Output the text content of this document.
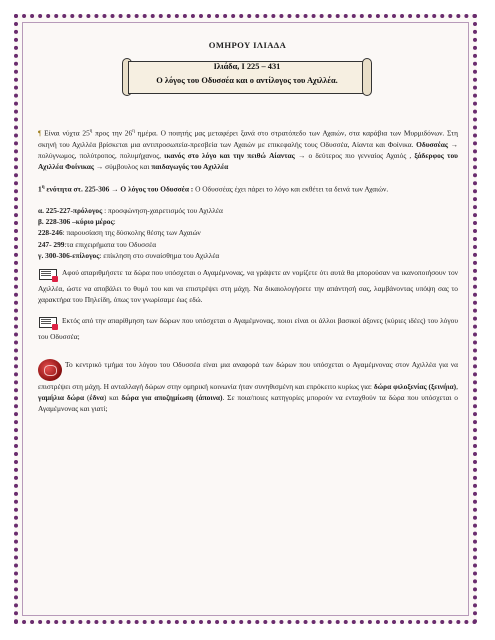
ΟΜΗΡΟΥ ΙΛΙΑΔΑ
Ιλιάδα, Ι 225 – 431
Ο λόγος του Οδυσσέα και ο αντίλογος του Αχιλλέα.

¶ Είναι νύχτα $25^\eta$ προς την $26^\eta$ ημέρα. Ο ποιητής μας μεταφέρει ξανά στο στρατόπεδο των Αχαιών, στα καράβια των Μυρμιδόνων. Στη σκηνή του Αχιλλέα βρίσκεται μια αντιπροσωπεία-πρεσβεία των Αχαιών με επικεφαλής τους Οδυσσέα, Αίαντα και Φοίνικα. Οδυσσέας → πολύγνωμος, πολύτροπος, πολυμήχανος, ικανός στο λόγο και την πειθώ Αίαντας → ο δεύτερος πιο γενναίος Αχαιός , ξάδερφος του Αχιλλέα Φοίνικας → σύμβουλος και παιδαγωγός του Αχιλλέα

$1^\eta$ ενότητα στ. 225-306 → Ο λόγος του Οδυσσέα : Ο Οδυσσέας έχει πάρει το λόγο και εκθέτει τα δεινά των Αχαιών.

α. 225-227-πρόλογος : προσφώνηση-χαιρετισμός του Αχιλλέα

β. 228-306 –κύριο μέρος:

228-246: παρουσίαση της δύσκολης θέσης των Αχαιών

247- 299:τα επιχειρήματα του Οδυσσέα

γ. 300-306-επίλογος: επίκληση στο συναίσθημα του Αχιλλέα

Αφού απαριθμήσετε τα δώρα που υπόσχεται ο Αγαμέμνονας, να γράψετε αν νομίζετε ότι αυτά θα μπορούσαν να ικανοποιήσουν τον Αχιλλέα, ώστε να αποβάλει το θυμό του και να επιστρέψει στη μάχη. Να δικαιολογήσετε την απάντησή σας, λαμβάνοντας υπόψη σας το χαρακτήρα του Πηλείδη, όπως τον γνωρίσαμε έως εδώ.

Εκτός από την απαρίθμηση των δώρων που υπόσχεται ο Αγαμέμνονας, ποιοι είναι οι άλλοι βασικοί άξονες (κύριες ιδέες) του λόγου του Οδυσσέα;

Το κεντρικό τμήμα του λόγου του Οδυσσέα είναι μια αναφορά των δώρων που υπόσχεται ο Αγαμέμνονας στον Αχιλλέα για να επιστρέψει στη μάχη. Η ανταλλαγή δώρων στην ομηρική κοινωνία ήταν συνηθισμένη και επρόκειτο κυρίως για: δώρα φιλοξενίας (ξεινήια), γαμήλια δώρα (έδνα) και δώρα για αποζημίωση (άποινα). Σε ποια/ποιες κατηγορίες μπορούν να ενταχθούν τα δώρα που υπόσχεται ο Αγαμέμνονας και γιατί;
